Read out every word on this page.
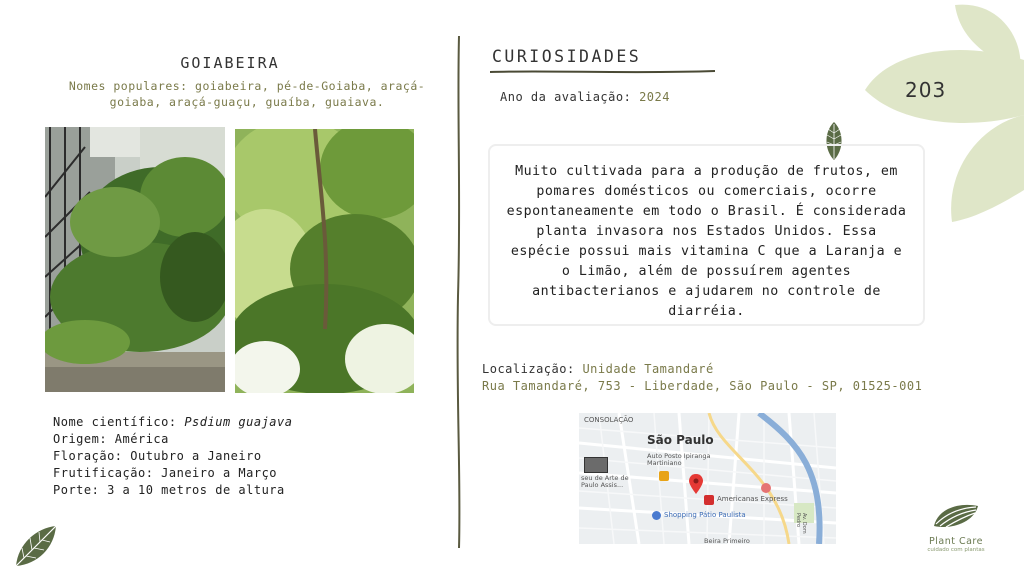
203
GOIABEIRA
Nomes populares: goiabeira, pé-de-Goiaba, araçá-goiaba, araçá-guaçu, guaíba, guaiava.
Nome científico: Psdium guajava
Origem: América
Floração: Outubro a Janeiro
Frutificação: Janeiro a Março
Porte: 3 a 10 metros de altura
CURIOSIDADES
Ano da avaliação: 2024
Muito cultivada para a produção de frutos, em pomares domésticos ou comerciais, ocorre espontaneamente em todo o Brasil. É considerada planta invasora nos Estados Unidos. Essa espécie possui mais vitamina C que a Laranja e o Limão, além de possuírem agentes antibacterianos e ajudarem no controle de diarréia.
Localização: Unidade Tamandaré
Rua Tamandaré, 753 - Liberdade, São Paulo - SP, 01525-001
CONSOLAÇÃO
São Paulo
Auto Posto Ipiranga Martiniano
seu de Arte de Paulo Assis...
Americanas Express
Shopping Pátio Paulista
Beira Primeiro
Av. Dom Pedro
Plant Care
cuidado com plantas
